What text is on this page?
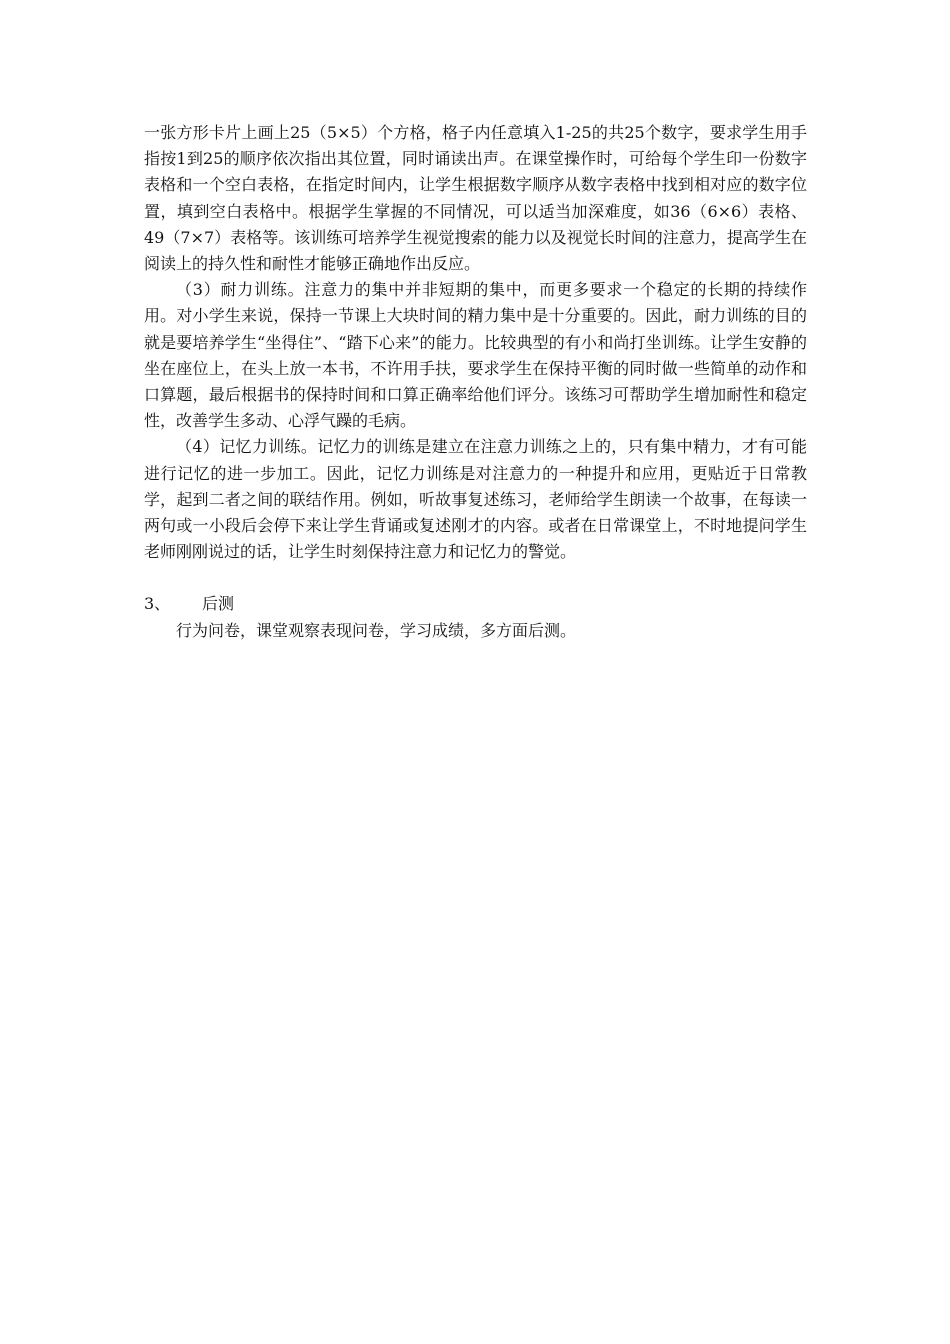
一张方形卡片上画上25（5×5）个方格，格子内任意填入1-25的共25个数字，要求学生用手指按1到25的顺序依次指出其位置，同时诵读出声。在课堂操作时，可给每个学生印一份数字表格和一个空白表格，在指定时间内，让学生根据数字顺序从数字表格中找到相对应的数字位置，填到空白表格中。根据学生掌握的不同情况，可以适当加深难度，如36（6×6）表格、49（7×7）表格等。该训练可培养学生视觉搜索的能力以及视觉长时间的注意力，提高学生在阅读上的持久性和耐性才能够正确地作出反应。

（3）耐力训练。注意力的集中并非短期的集中，而更多要求一个稳定的长期的持续作用。对小学生来说，保持一节课上大块时间的精力集中是十分重要的。因此，耐力训练的目的就是要培养学生“坐得住”、“踏下心来”的能力。比较典型的有小和尚打坐训练。让学生安静的坐在座位上，在头上放一本书，不许用手扶，要求学生在保持平衡的同时做一些简单的动作和口算题，最后根据书的保持时间和口算正确率给他们评分。该练习可帮助学生增加耐性和稳定性，改善学生多动、心浮气躁的毛病。

（4）记忆力训练。记忆力的训练是建立在注意力训练之上的，只有集中精力，才有可能进行记忆的进一步加工。因此，记忆力训练是对注意力的一种提升和应用，更贴近于日常教学，起到二者之间的联结作用。例如，听故事复述练习，老师给学生朗读一个故事，在每读一两句或一小段后会停下来让学生背诵或复述刚才的内容。或者在日常课堂上，不时地提问学生老师刚刚说过的话，让学生时刻保持注意力和记忆力的警觉。

3、 后测

行为问卷，课堂观察表现问卷，学习成绩，多方面后测。
